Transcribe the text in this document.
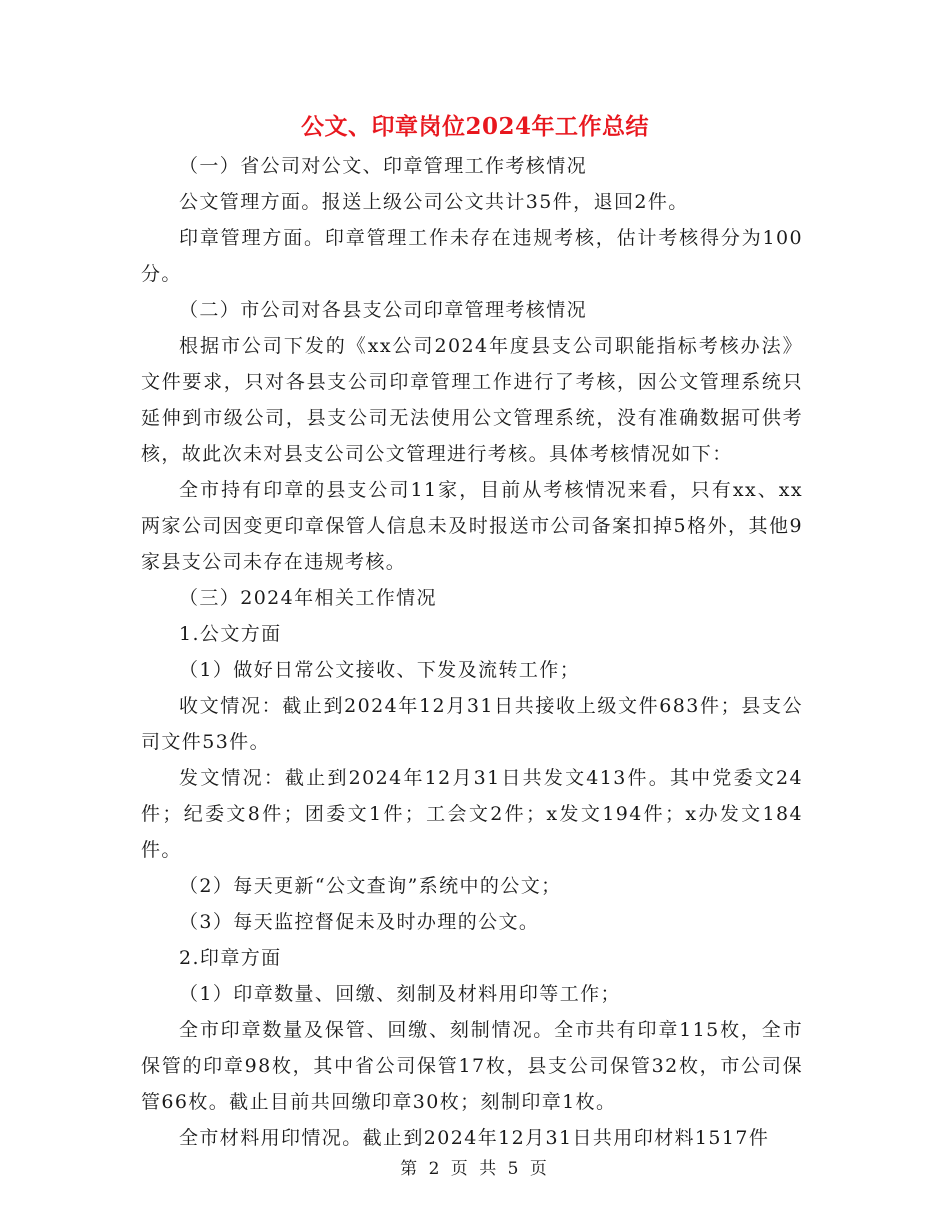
公文、印章岗位2024年工作总结

（一）省公司对公文、印章管理工作考核情况

公文管理方面。报送上级公司公文共计35件，退回2件。

印章管理方面。印章管理工作未存在违规考核，估计考核得分为100分。

（二）市公司对各县支公司印章管理考核情况

根据市公司下发的《xx公司2024年度县支公司职能指标考核办法》文件要求，只对各县支公司印章管理工作进行了考核，因公文管理系统只延伸到市级公司，县支公司无法使用公文管理系统，没有准确数据可供考核，故此次未对县支公司公文管理进行考核。具体考核情况如下：

全市持有印章的县支公司11家，目前从考核情况来看，只有xx、xx两家公司因变更印章保管人信息未及时报送市公司备案扣掉5格外，其他9家县支公司未存在违规考核。

（三）2024年相关工作情况

1.公文方面

（1）做好日常公文接收、下发及流转工作；

收文情况：截止到2024年12月31日共接收上级文件683件；县支公司文件53件。

发文情况：截止到2024年12月31日共发文413件。其中党委文24件；纪委文8件；团委文1件；工会文2件；x发文194件；x办发文184件。

（2）每天更新“公文查询”系统中的公文；

（3）每天监控督促未及时办理的公文。

2.印章方面

（1）印章数量、回缴、刻制及材料用印等工作；

全市印章数量及保管、回缴、刻制情况。全市共有印章115枚，全市保管的印章98枚，其中省公司保管17枚，县支公司保管32枚，市公司保管66枚。截止目前共回缴印章30枚；刻制印章1枚。

全市材料用印情况。截止到2024年12月31日共用印材料1517件

第 2 页 共 5 页
